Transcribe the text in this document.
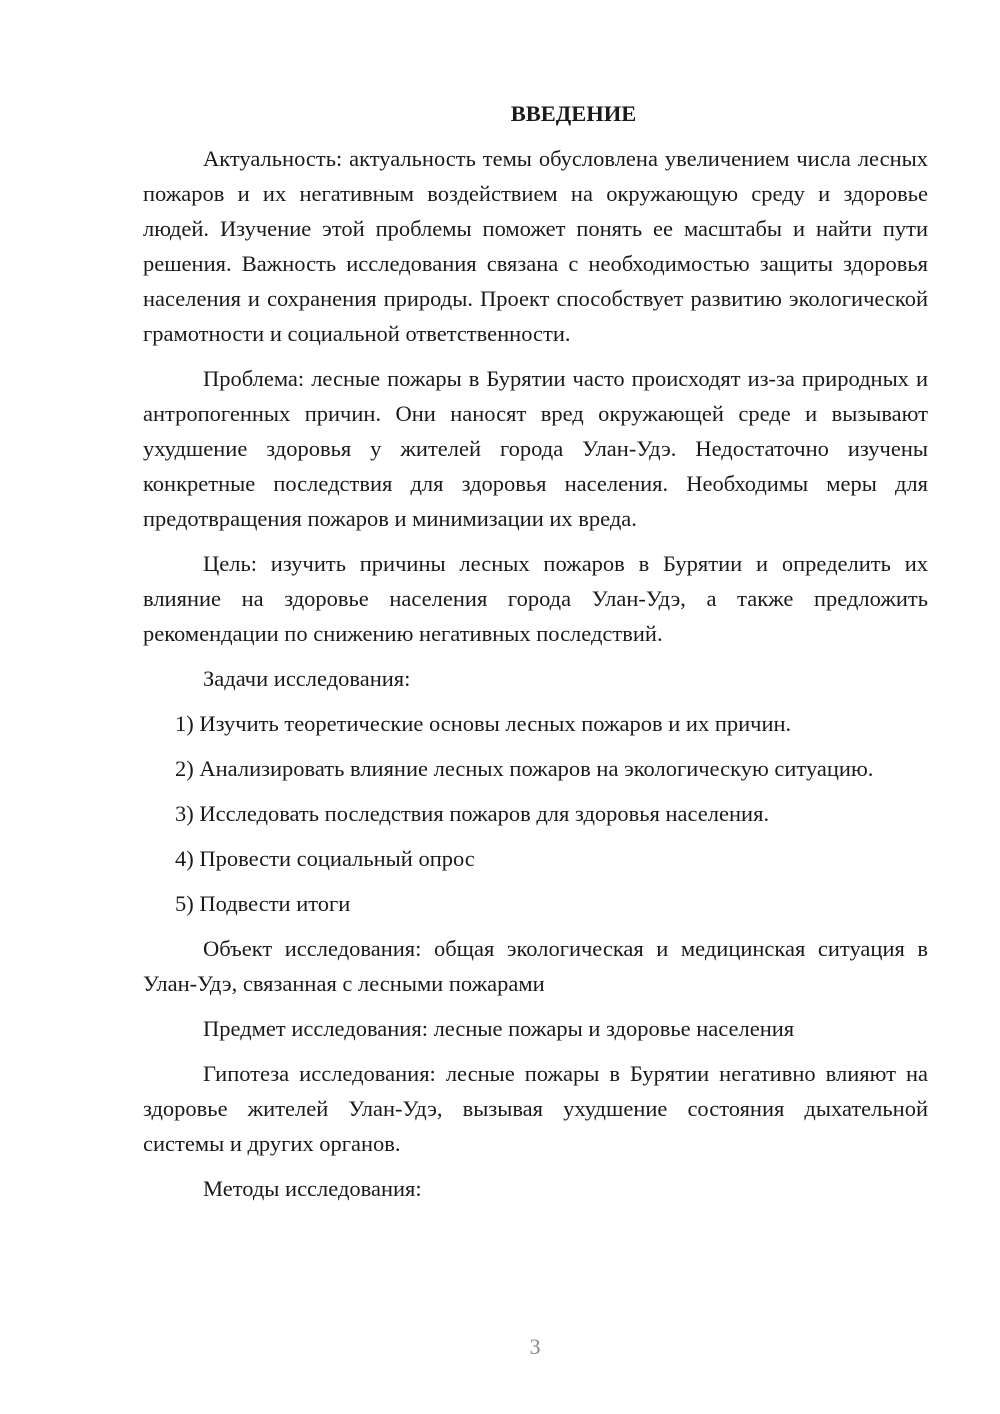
ВВЕДЕНИЕ

Актуальность: актуальность темы обусловлена увеличением числа лесных пожаров и их негативным воздействием на окружающую среду и здоровье людей. Изучение этой проблемы поможет понять ее масштабы и найти пути решения. Важность исследования связана с необходимостью защиты здоровья населения и сохранения природы. Проект способствует развитию экологической грамотности и социальной ответственности.

Проблема: лесные пожары в Бурятии часто происходят из-за природных и антропогенных причин. Они наносят вред окружающей среде и вызывают ухудшение здоровья у жителей города Улан-Удэ. Недостаточно изучены конкретные последствия для здоровья населения. Необходимы меры для предотвращения пожаров и минимизации их вреда.

Цель: изучить причины лесных пожаров в Бурятии и определить их влияние на здоровье населения города Улан-Удэ, а также предложить рекомендации по снижению негативных последствий.

Задачи исследования:

1) Изучить теоретические основы лесных пожаров и их причин.

2) Анализировать влияние лесных пожаров на экологическую ситуацию.

3) Исследовать последствия пожаров для здоровья населения.

4) Провести социальный опрос

5) Подвести итоги

Объект исследования: общая экологическая и медицинская ситуация в Улан-Удэ, связанная с лесными пожарами

Предмет исследования: лесные пожары и здоровье населения

Гипотеза исследования: лесные пожары в Бурятии негативно влияют на здоровье жителей Улан-Удэ, вызывая ухудшение состояния дыхательной системы и других органов.

Методы исследования:

3
